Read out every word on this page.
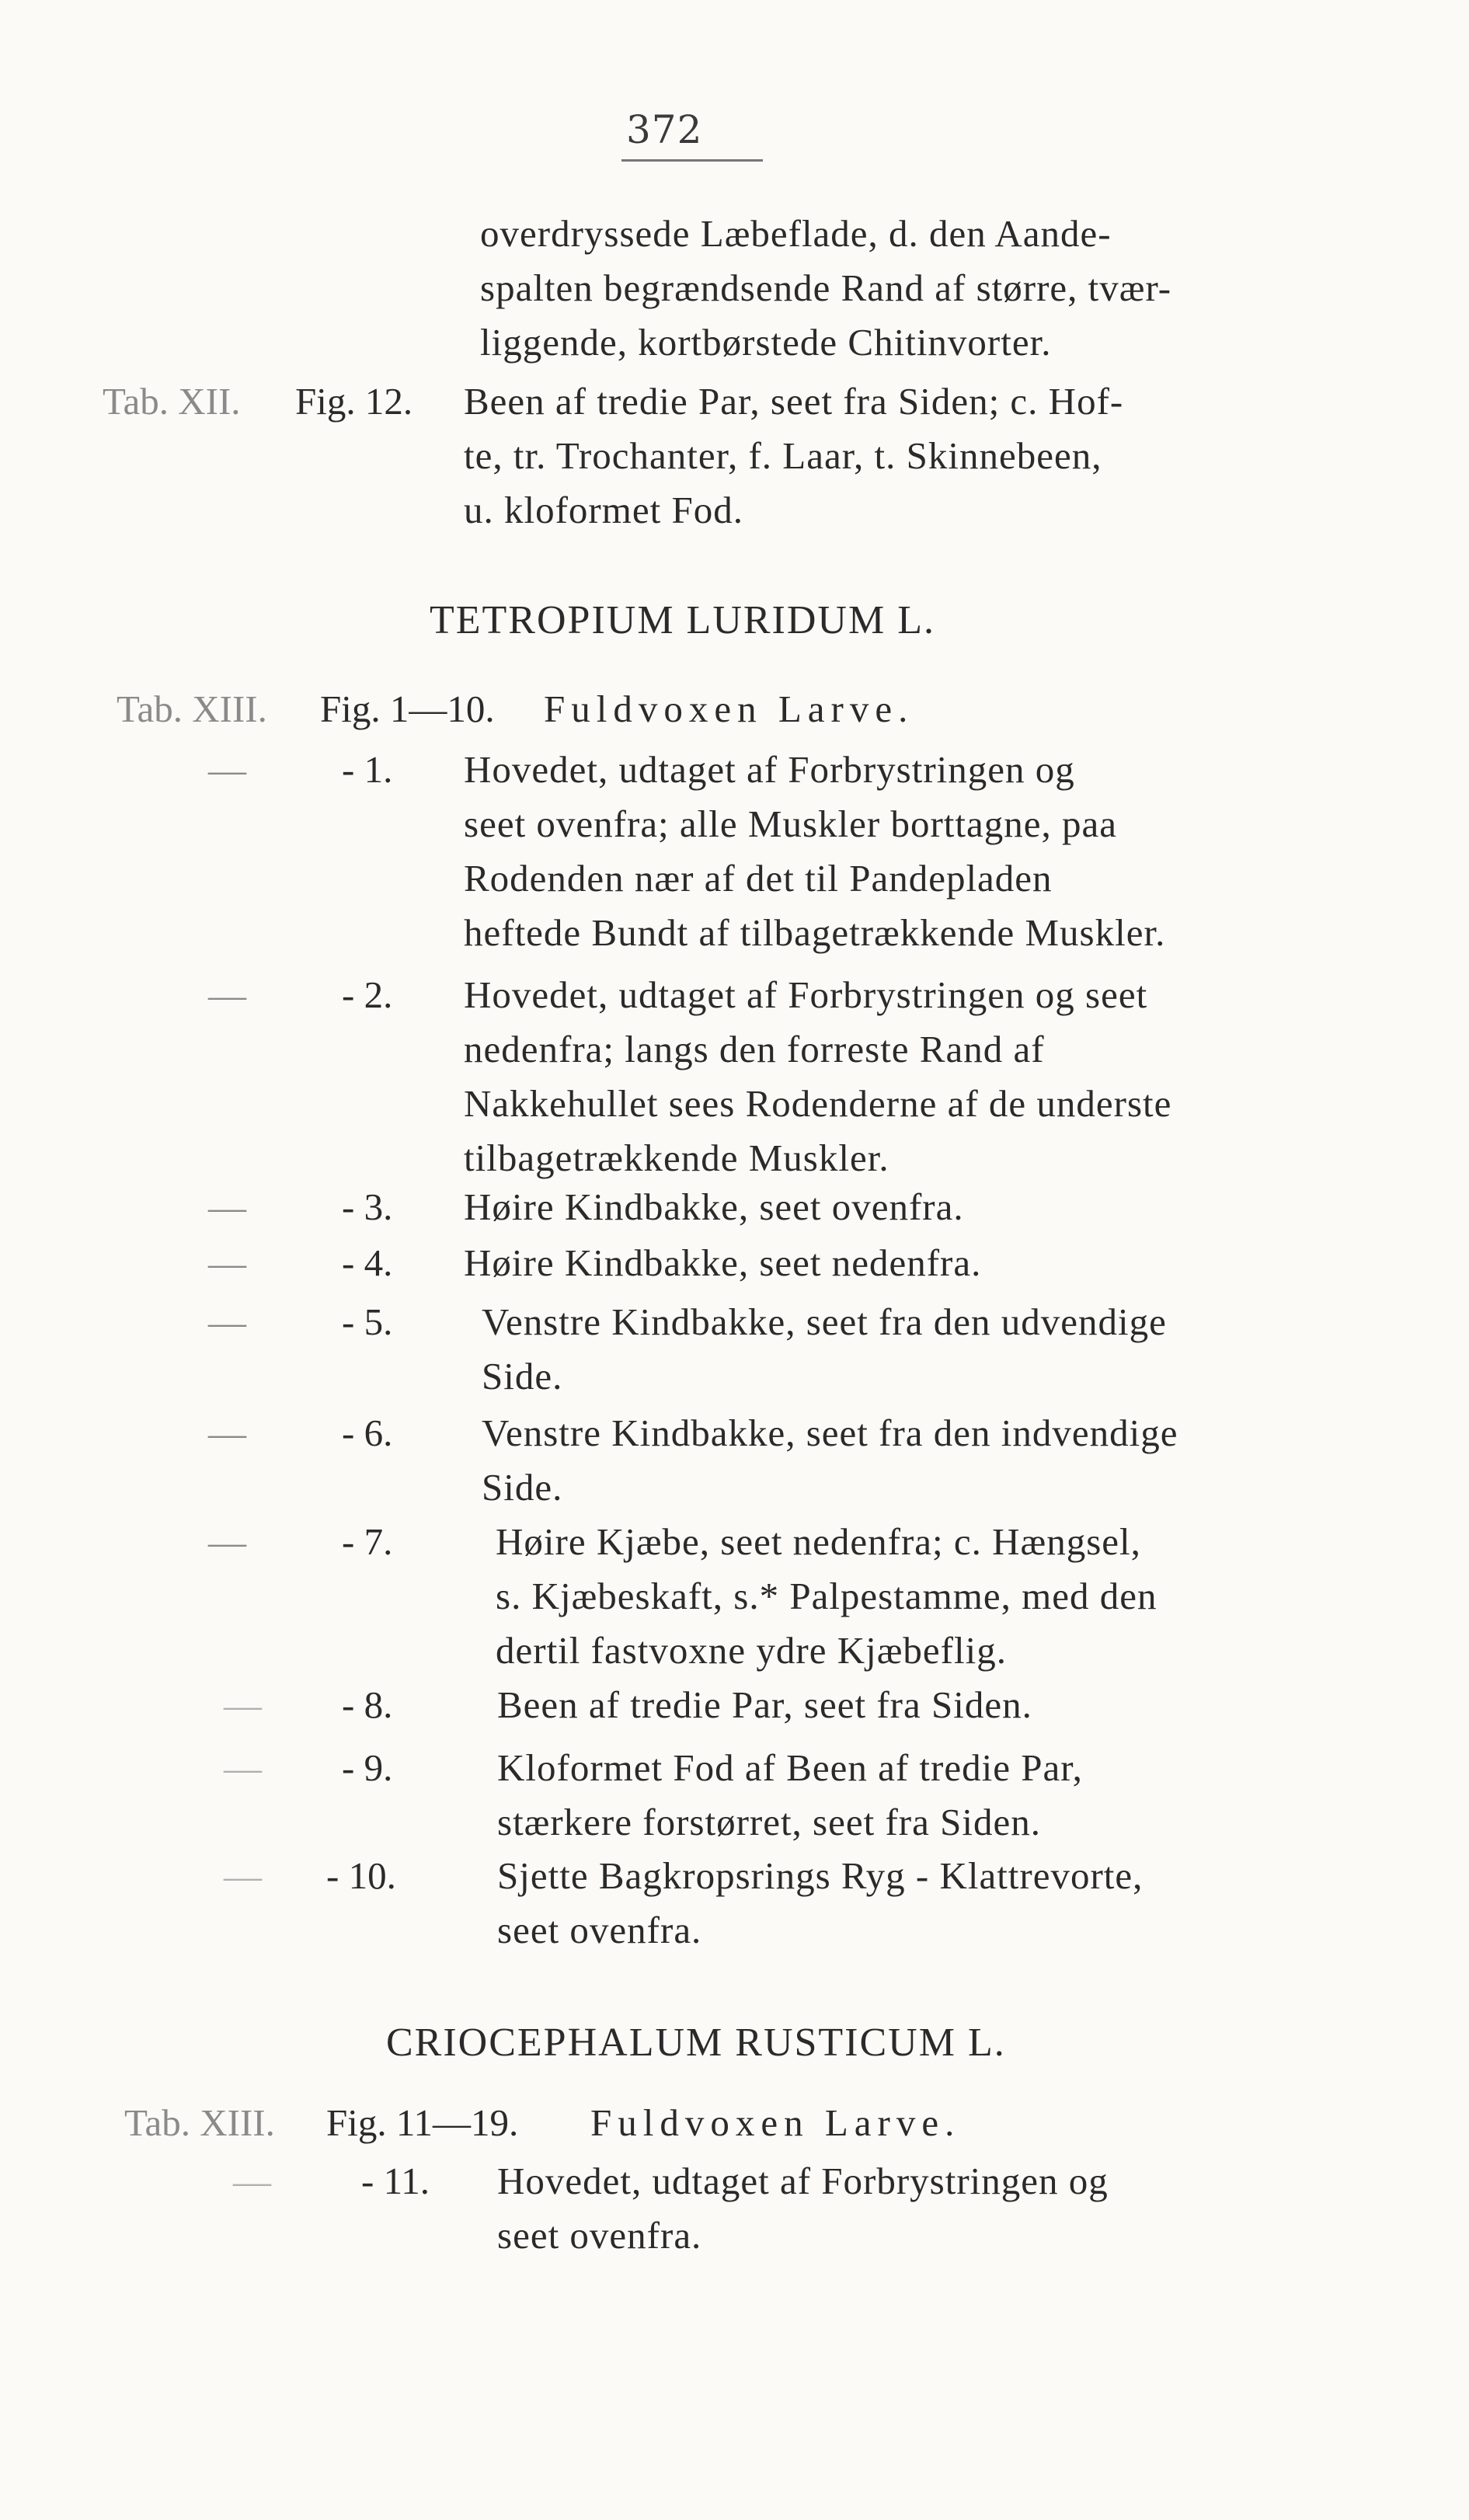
372
overdryssede Læbeflade, d. den Aande-
spalten begrændsende Rand af større, tvær-
liggende, kortbørstede Chitinvorter.
Tab. XII. Fig. 12. Been af tredie Par, seet fra Siden; c. Hof-
te, tr. Trochanter, f. Laar, t. Skinnebeen,
u. kloformet Fod.
TETROPIUM LURIDUM L.
Tab. XIII. Fig. 1—10. Fuldvoxen Larve.
—	- 1. Hovedet, udtaget af Forbrystringen og
seet ovenfra; alle Muskler borttagne, paa
Rodenden nær af det til Pandepladen
heftede Bundt af tilbagetrækkende Muskler.
—	- 2. Hovedet, udtaget af Forbrystringen og seet
nedenfra; langs den forreste Rand af
Nakkehullet sees Rodenderne af de underste
tilbagetrækkende Muskler.
—	- 3. Høire Kindbakke, seet ovenfra.
—	- 4. Høire Kindbakke, seet nedenfra.
—	- 5. Venstre Kindbakke, seet fra den udvendige
Side.
—	- 6. Venstre Kindbakke, seet fra den indvendige
Side.
—	- 7.	Høire Kjæbe, seet nedenfra; c. Hængsel,
s. Kjæbeskaft, s.* Palpestamme, med den
dertil fastvoxne ydre Kjæbeflig.
— - 8.	Been af tredie Par, seet fra Siden.
— - 9.	Kloformet Fod af Been af tredie Par,
stærkere forstørret, seet fra Siden.
— - 10.	Sjette Bagkropsrings Ryg - Klattrevorte,
seet ovenfra.
CRIOCEPHALUM RUSTICUM L.
Tab. XIII. Fig. 11—19. Fuldvoxen Larve.
— - 11. Hovedet, udtaget af Forbrystringen og
seet ovenfra.
